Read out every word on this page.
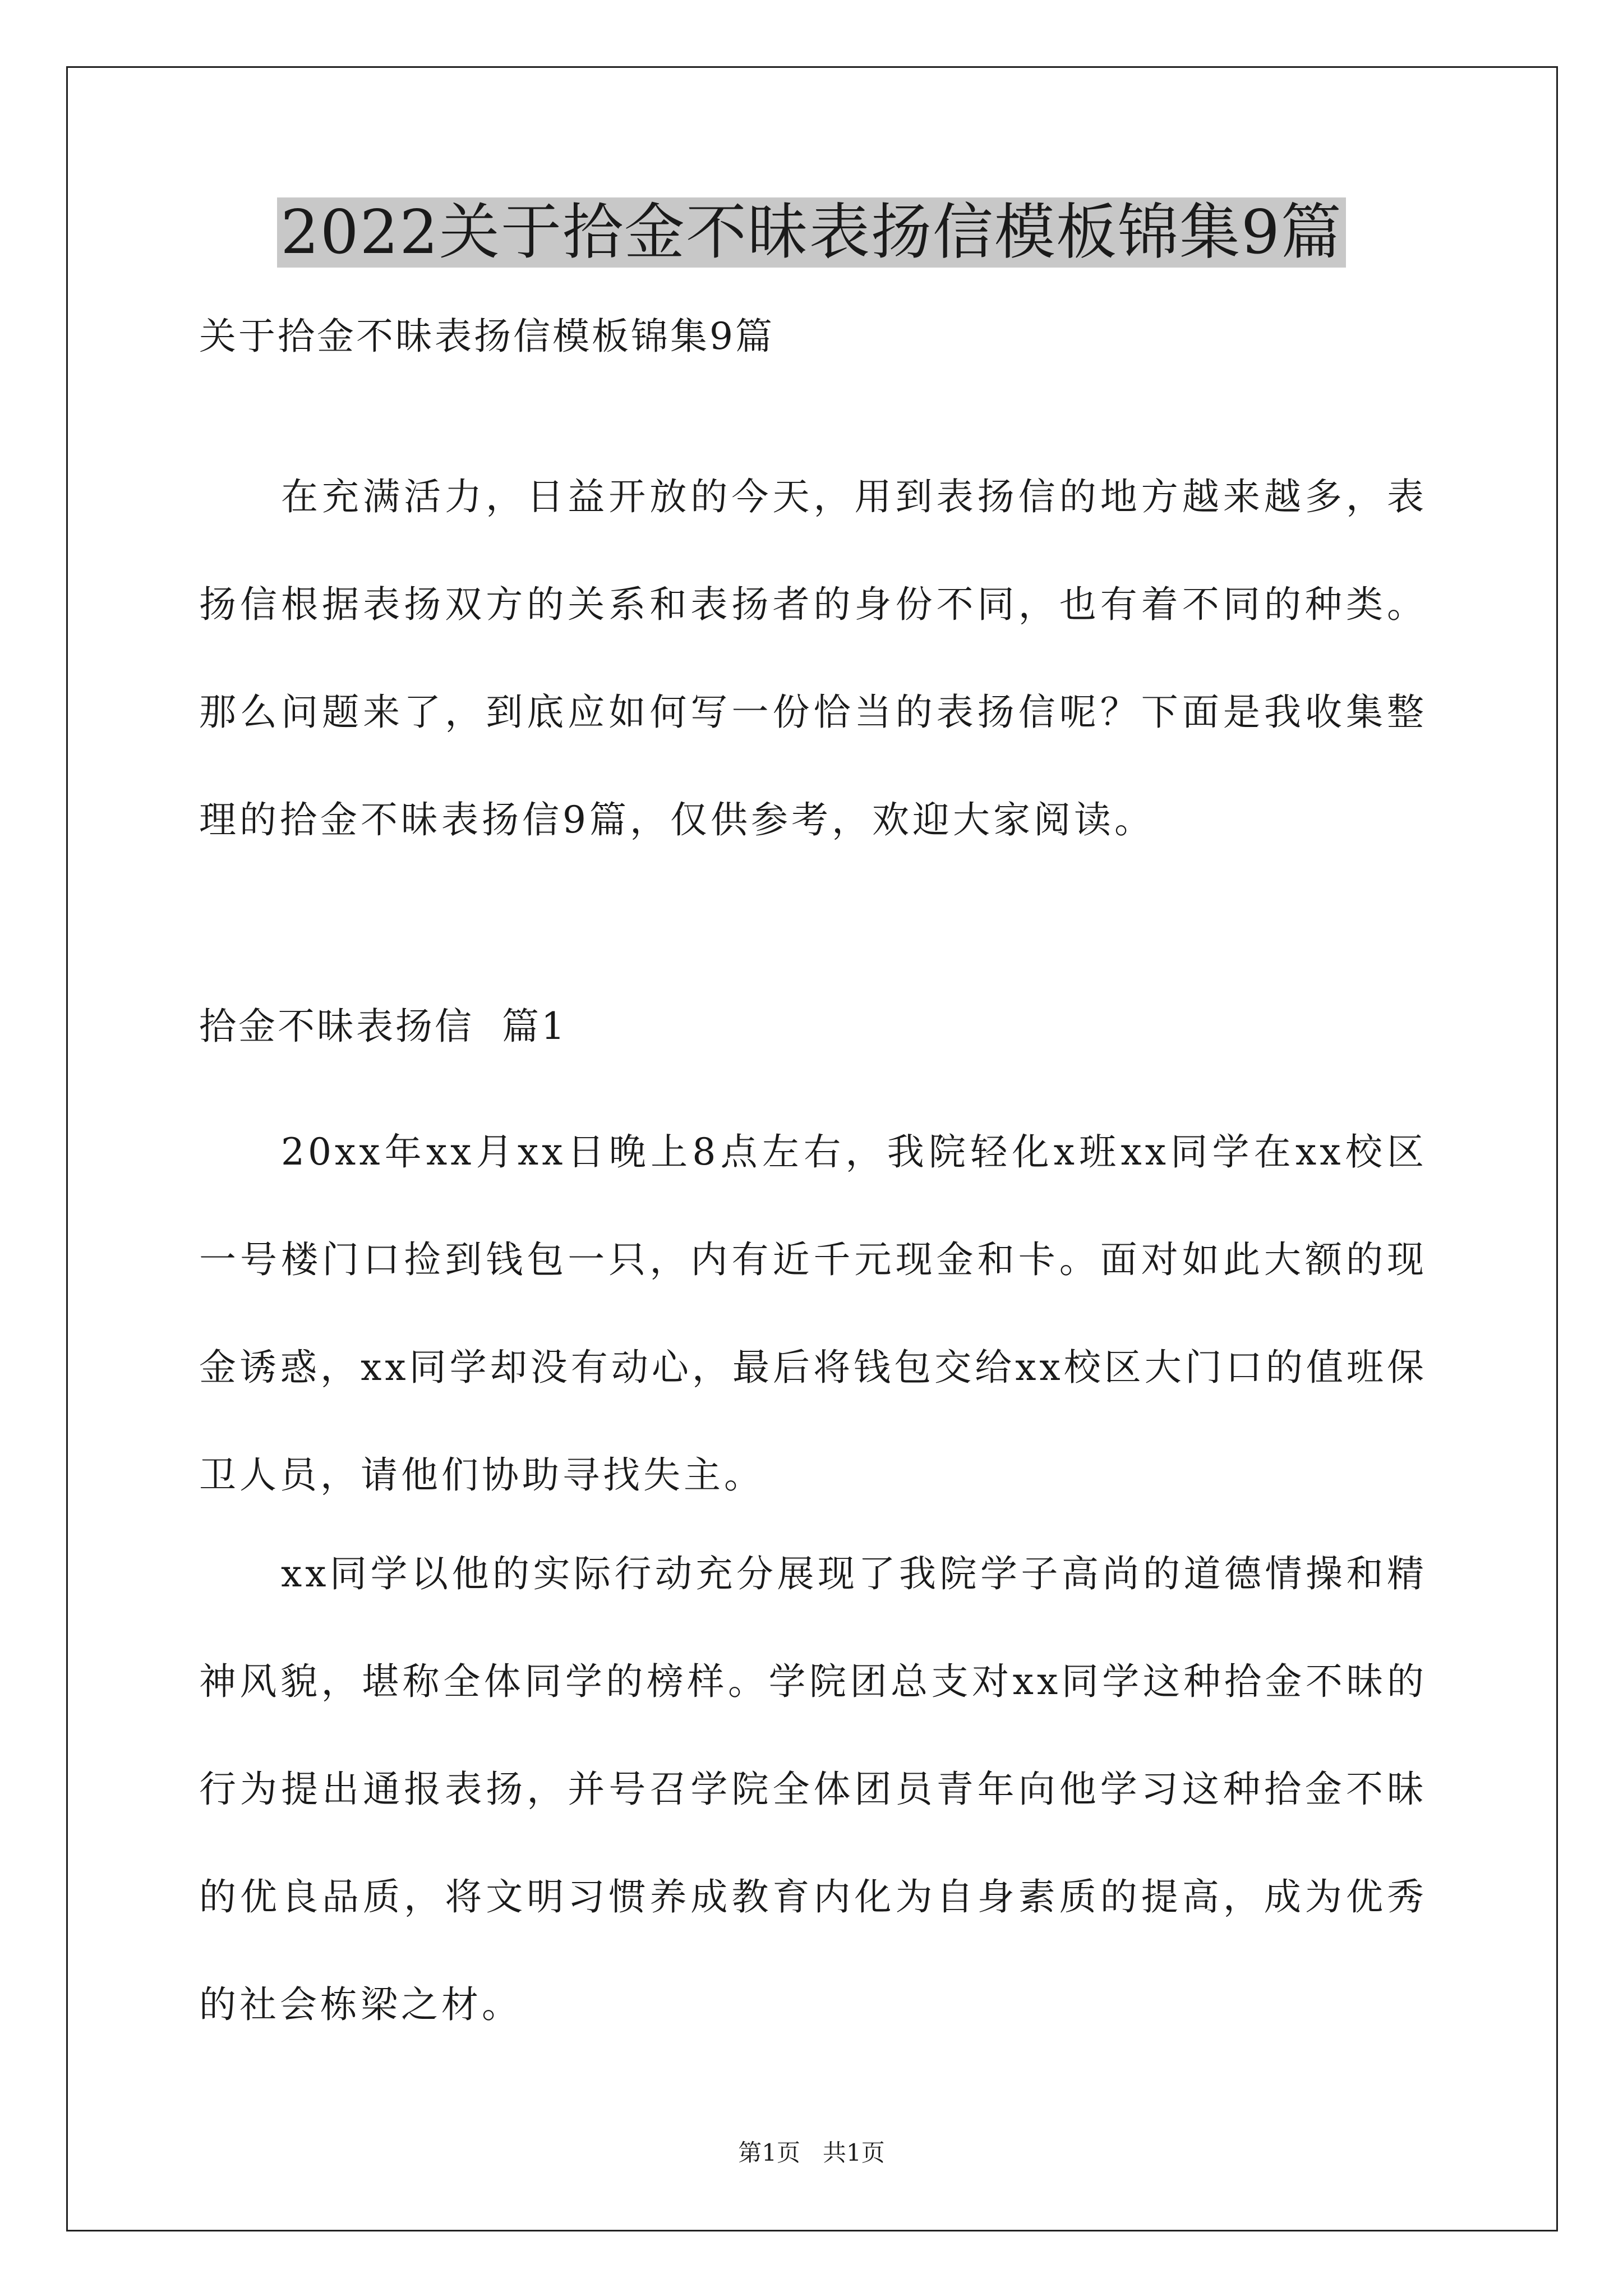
2022关于拾金不昧表扬信模板锦集9篇
关于拾金不昧表扬信模板锦集9篇

在充满活力，日益开放的今天，用到表扬信的地方越来越多，表扬信根据表扬双方的关系和表扬者的身份不同，也有着不同的种类。那么问题来了，到底应如何写一份恰当的表扬信呢？下面是我收集整理的拾金不昧表扬信9篇，仅供参考，欢迎大家阅读。

拾金不昧表扬信  篇1

20xx年xx月xx日晚上8点左右，我院轻化x班xx同学在xx校区一号楼门口捡到钱包一只，内有近千元现金和卡。面对如此大额的现金诱惑，xx同学却没有动心，最后将钱包交给xx校区大门口的值班保卫人员，请他们协助寻找失主。

xx同学以他的实际行动充分展现了我院学子高尚的道德情操和精神风貌，堪称全体同学的榜样。学院团总支对xx同学这种拾金不昧的行为提出通报表扬，并号召学院全体团员青年向他学习这种拾金不昧的优良品质，将文明习惯养成教育内化为自身素质的提高，成为优秀的社会栋梁之材。

第1页   共1页
